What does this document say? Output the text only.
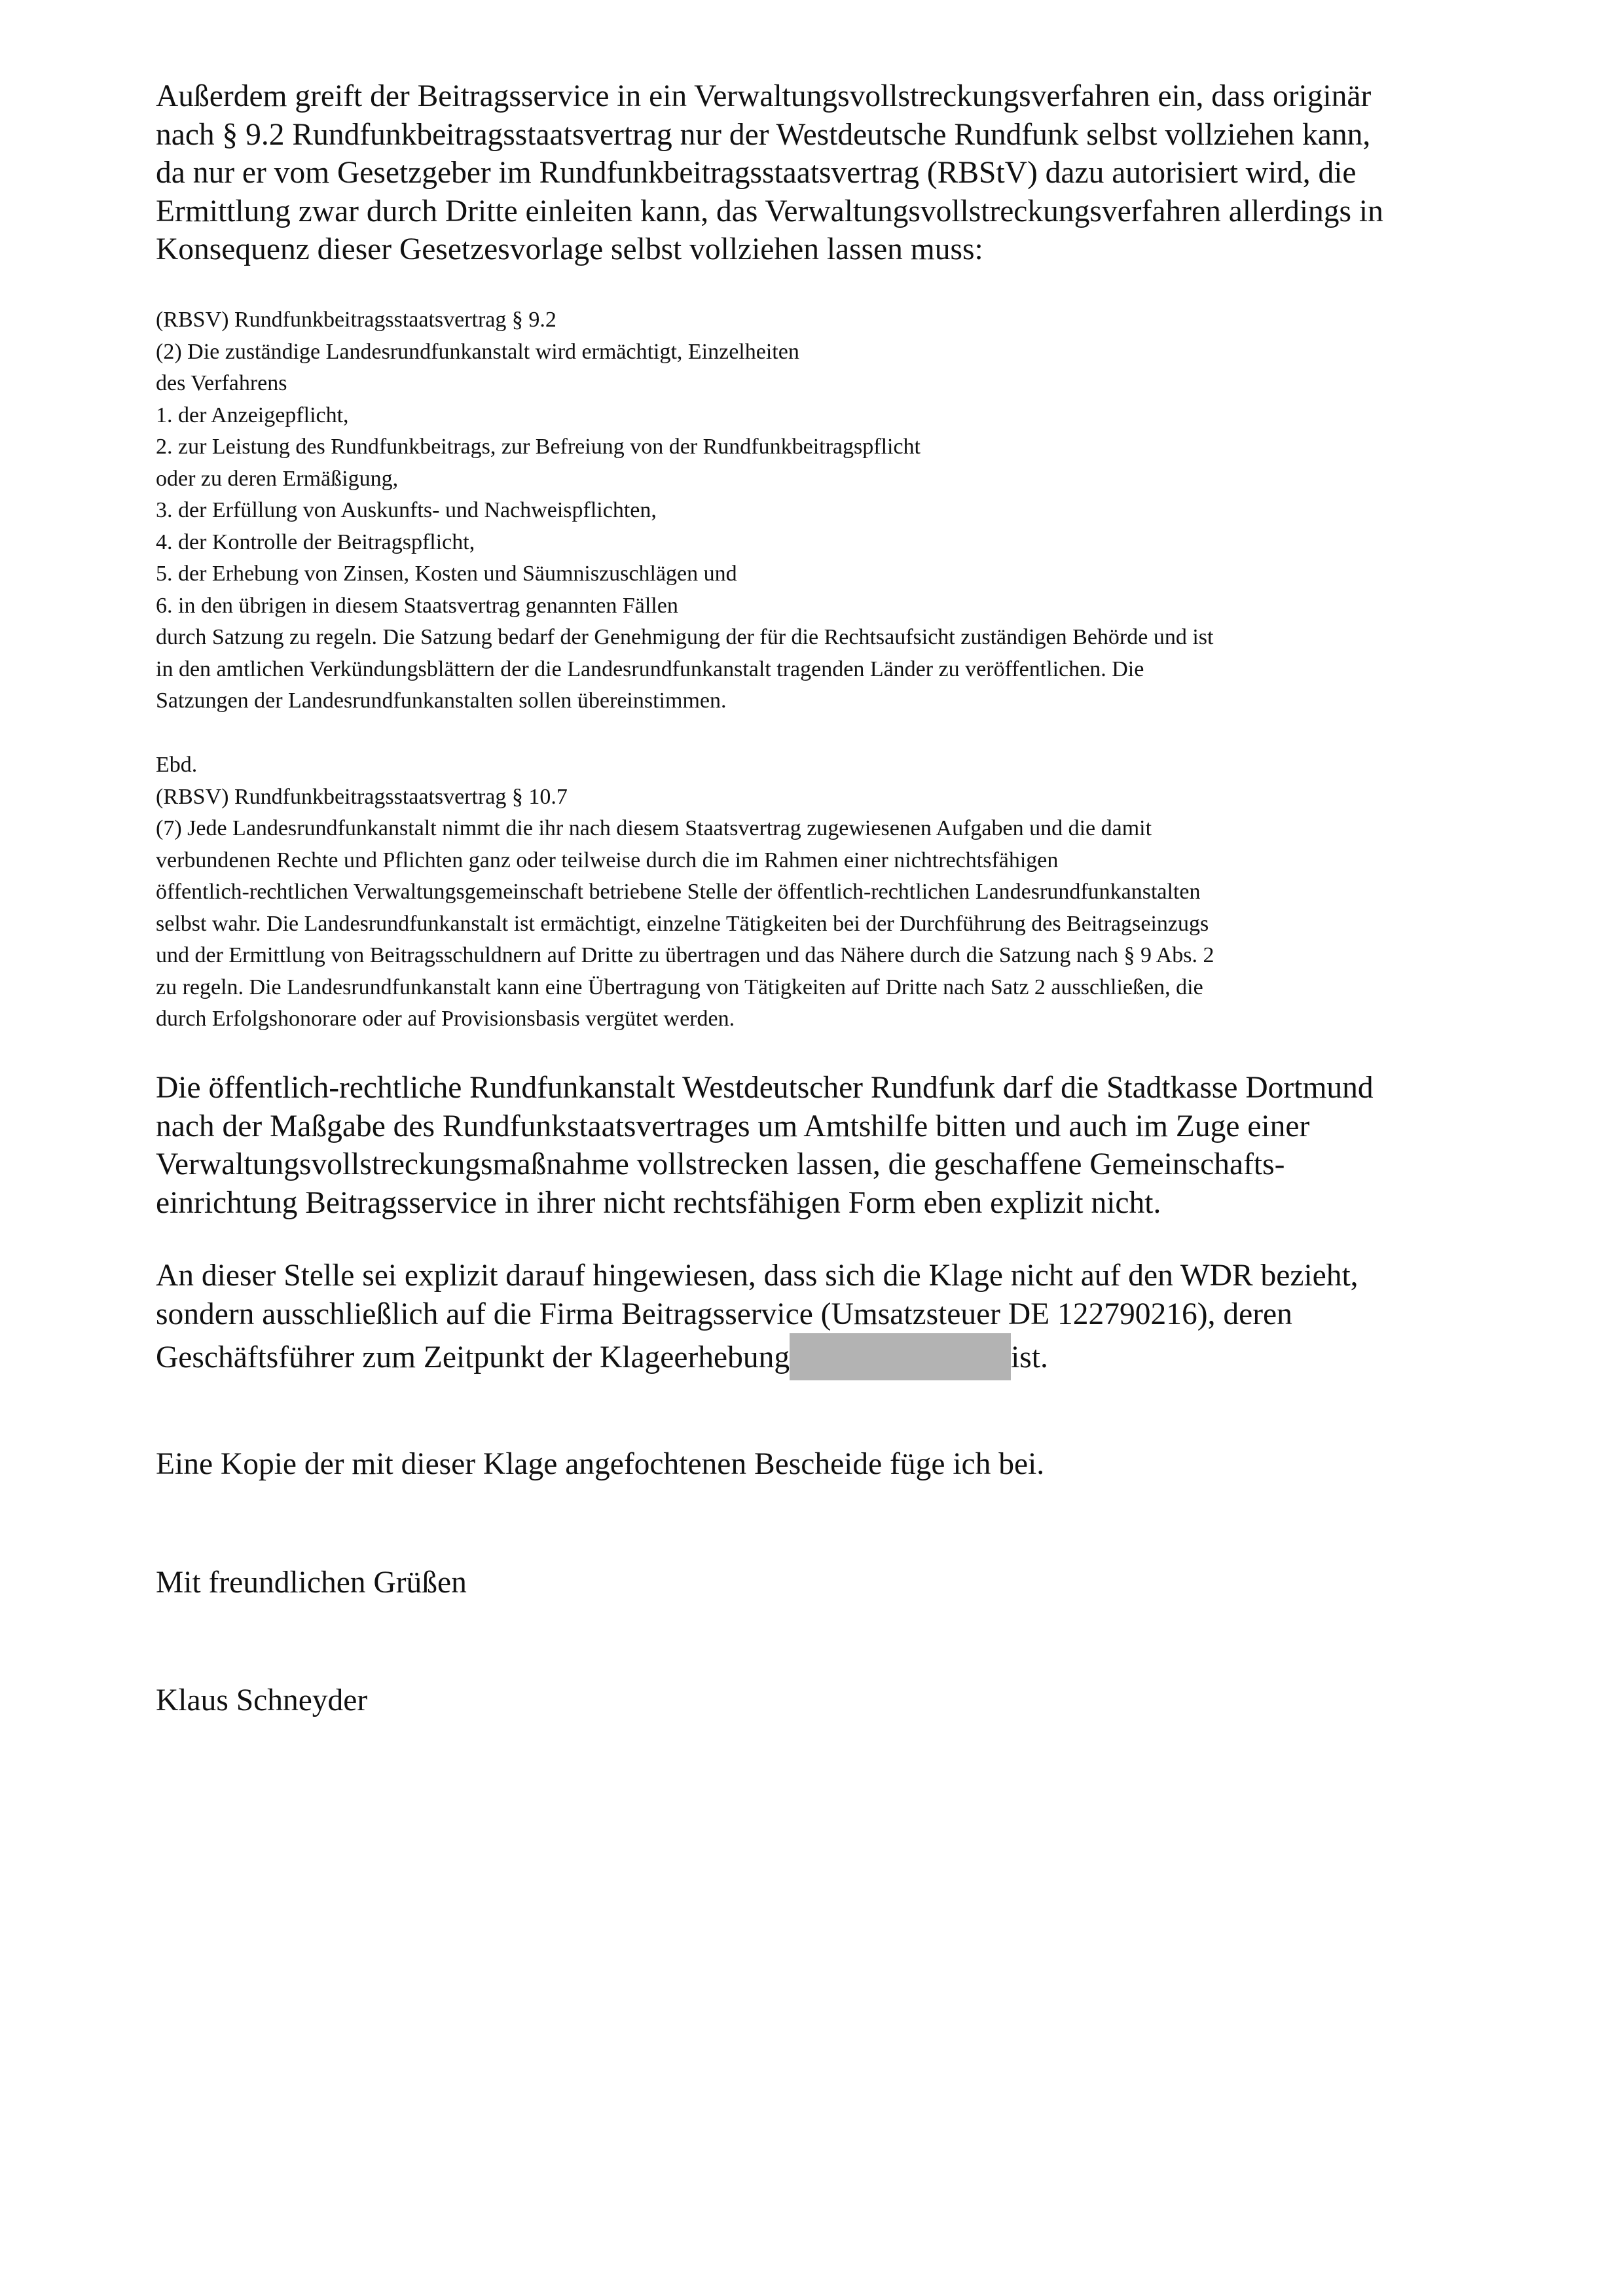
Außerdem greift der Beitragsservice in ein Verwaltungsvollstreckungsverfahren ein, dass originär
nach § 9.2 Rundfunkbeitragsstaatsvertrag nur der Westdeutsche Rundfunk selbst vollziehen kann,
da nur er vom Gesetzgeber im Rundfunkbeitragsstaatsvertrag (RBStV) dazu autorisiert wird, die
Ermittlung zwar durch Dritte einleiten kann, das Verwaltungsvollstreckungsverfahren allerdings in
Konsequenz dieser Gesetzesvorlage selbst vollziehen lassen muss:
(RBSV) Rundfunkbeitragsstaatsvertrag § 9.2
(2) Die zuständige Landesrundfunkanstalt wird ermächtigt, Einzelheiten
des Verfahrens
1. der Anzeigepflicht,
2. zur Leistung des Rundfunkbeitrags, zur Befreiung von der Rundfunkbeitragspflicht
oder zu deren Ermäßigung,
3. der Erfüllung von Auskunfts- und Nachweispflichten,
4. der Kontrolle der Beitragspflicht,
5. der Erhebung von Zinsen, Kosten und Säumniszuschlägen und
6. in den übrigen in diesem Staatsvertrag genannten Fällen
durch Satzung zu regeln. Die Satzung bedarf der Genehmigung der für die Rechtsaufsicht zuständigen Behörde und ist
in den amtlichen Verkündungsblättern der die Landesrundfunkanstalt tragenden Länder zu veröffentlichen. Die
Satzungen der Landesrundfunkanstalten sollen übereinstimmen.
Ebd.
(RBSV) Rundfunkbeitragsstaatsvertrag § 10.7
(7) Jede Landesrundfunkanstalt nimmt die ihr nach diesem Staatsvertrag zugewiesenen Aufgaben und die damit
verbundenen Rechte und Pflichten ganz oder teilweise durch die im Rahmen einer nichtrechtsfähigen
öffentlich-rechtlichen Verwaltungsgemeinschaft betriebene Stelle der öffentlich-rechtlichen Landesrundfunkanstalten
selbst wahr. Die Landesrundfunkanstalt ist ermächtigt, einzelne Tätigkeiten bei der Durchführung des Beitragseinzugs
und der Ermittlung von Beitragsschuldnern auf Dritte zu übertragen und das Nähere durch die Satzung nach § 9 Abs. 2
zu regeln. Die Landesrundfunkanstalt kann eine Übertragung von Tätigkeiten auf Dritte nach Satz 2 ausschließen, die
durch Erfolgshonorare oder auf Provisionsbasis vergütet werden.
Die öffentlich-rechtliche Rundfunkanstalt Westdeutscher Rundfunk darf die Stadtkasse Dortmund
nach der Maßgabe des Rundfunkstaatsvertrages um Amtshilfe bitten und auch im Zuge einer
Verwaltungsvollstreckungsmaßnahme vollstrecken lassen, die geschaffene Gemeinschafts-
einrichtung Beitragsservice in ihrer nicht rechtsfähigen Form eben explizit nicht.
An dieser Stelle sei explizit darauf hingewiesen, dass sich die Klage nicht auf den WDR bezieht,
sondern ausschließlich auf die Firma Beitragsservice (Umsatzsteuer DE 122790216), deren
Geschäftsführer zum Zeitpunkt der Klageerhebung	ist.
Eine Kopie der mit dieser Klage angefochtenen Bescheide füge ich bei.
Mit freundlichen Grüßen
Klaus Schneyder
